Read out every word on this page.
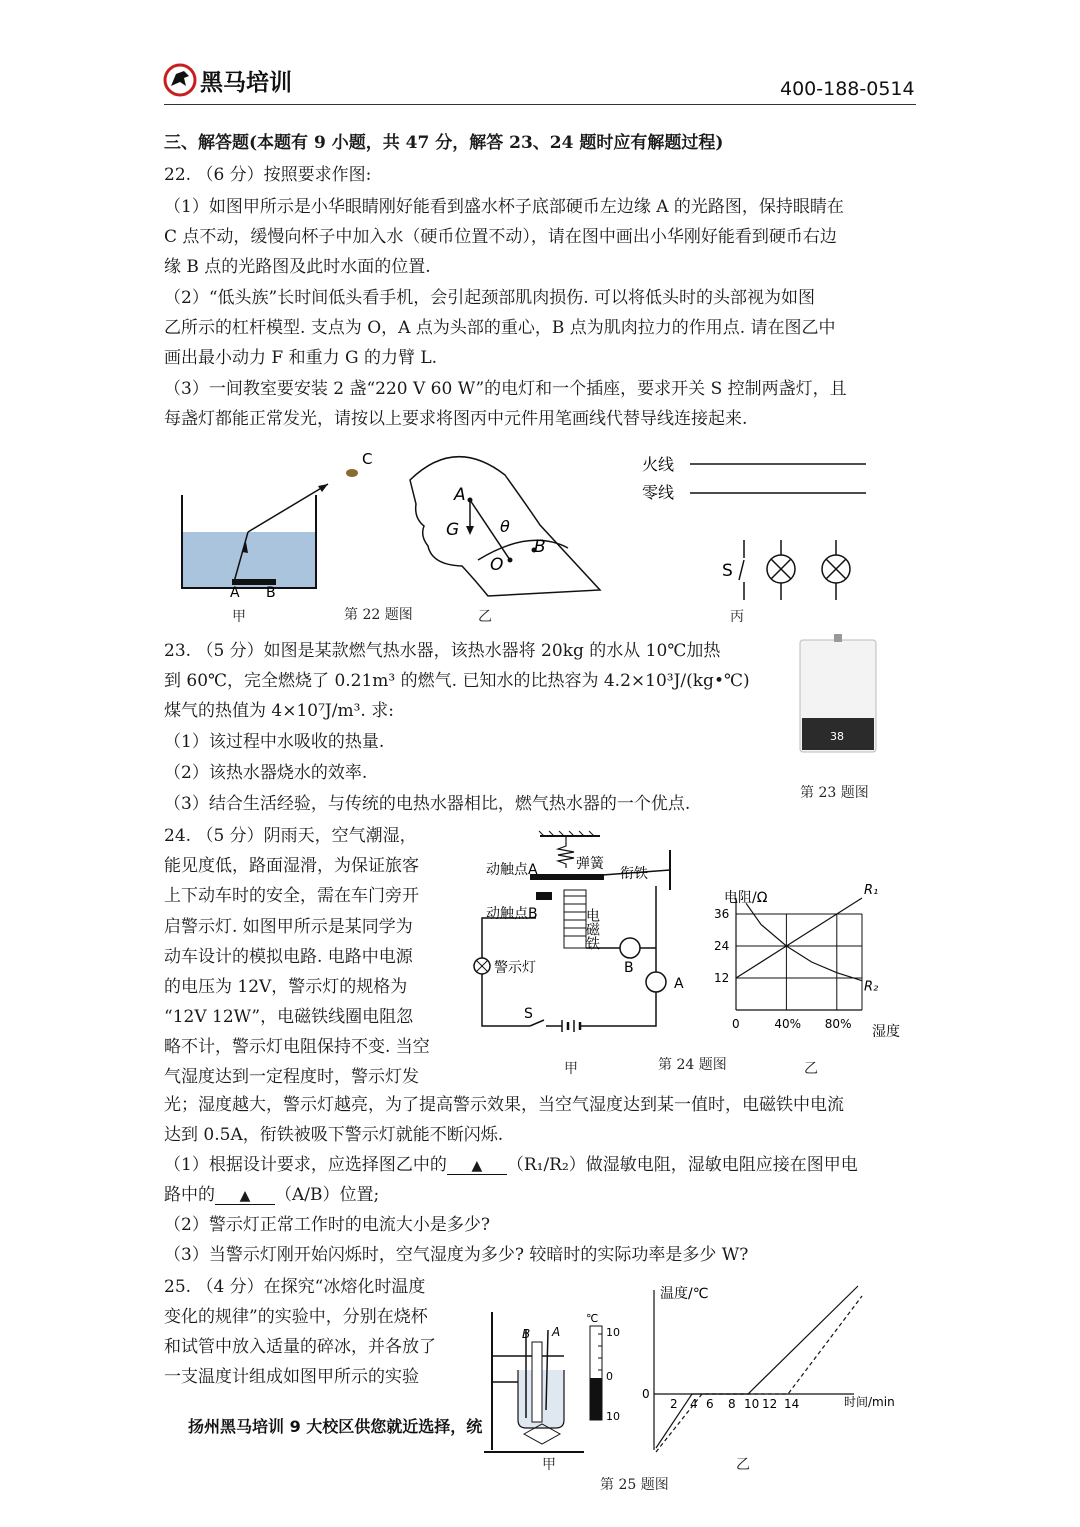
黑马培训	400-188-0514
三、解答题(本题有 9 小题，共 47 分，解答 23、24 题时应有解题过程)
22. （6 分）按照要求作图:
（1）如图甲所示是小华眼睛刚好能看到盛水杯子底部硬币左边缘 A 的光路图，保持眼睛在
C 点不动，缓慢向杯子中加入水（硬币位置不动），请在图中画出小华刚好能看到硬币右边
缘 B 点的光路图及此时水面的位置.
（2）“低头族”长时间低头看手机，会引起颈部肌肉损伤. 可以将低头时的头部视为如图
乙所示的杠杆模型. 支点为 O，A 点为头部的重心，B 点为肌肉拉力的作用点. 请在图乙中
画出最小动力 F 和重力 G 的力臂 L.
（3）一间教室要安装 2 盏“220 V 60 W”的电灯和一个插座，要求开关 S 控制两盏灯，且
每盏灯都能正常发光，请按以上要求将图丙中元件用笔画线代替导线连接起来.
C
A B
A
G	θ
O
B
火线
零线
S
甲	第 22 题图	乙	丙
23. （5 分）如图是某款燃气热水器，该热水器将 20kg 的水从 10℃加热
到 60℃，完全燃烧了 0.21m³ 的燃气. 已知水的比热容为 4.2×10³J/(kg•℃)
煤气的热值为 4×10⁷J/m³. 求:
（1）该过程中水吸收的热量.
（2）该热水器烧水的效率.
（3）结合生活经验，与传统的电热水器相比，燃气热水器的一个优点.
38
第 23 题图
24. （5 分）阴雨天，空气潮湿，
能见度低，路面湿滑，为保证旅客
上下动车时的安全，需在车门旁开
启警示灯. 如图甲所示是某同学为
动车设计的模拟电路. 电路中电源
的电压为 12V，警示灯的规格为
“12V 12W”，电磁铁线圈电阻忽
略不计，警示灯电阻保持不变. 当空
气湿度达到一定程度时，警示灯发
动触点A
动触点B
弹簧
衔铁
电磁铁
警示灯	B
A
S
电阻/Ω
湿度
12
24
36
0	40% 80%
R₁
R₂
甲	第 24 题图	乙
光；湿度越大，警示灯越亮，为了提高警示效果，当空气湿度达到某一值时，电磁铁中电流
达到 0.5A，衔铁被吸下警示灯就能不断闪烁.
（1）根据设计要求，应选择图乙中的 ▲ （R₁/R₂）做湿敏电阻，湿敏电阻应接在图甲电
路中的 ▲ （A/B）位置;
（2）警示灯正常工作时的电流大小是多少?
（3）当警示灯刚开始闪烁时，空气湿度为多少? 较暗时的实际功率是多少 W?
25. （4 分）在探究“冰熔化时温度
变化的规律”的实验中，分别在烧杯
和试管中放入适量的碎冰，并各放了
一支温度计组成如图甲所示的实验
扬州黑马培训 9 大校区供您就近选择，统
B A
℃
10
0
10
温度/℃
时间/min
0
2 4 6 8 10 12 14
甲	乙
第 25 题图
